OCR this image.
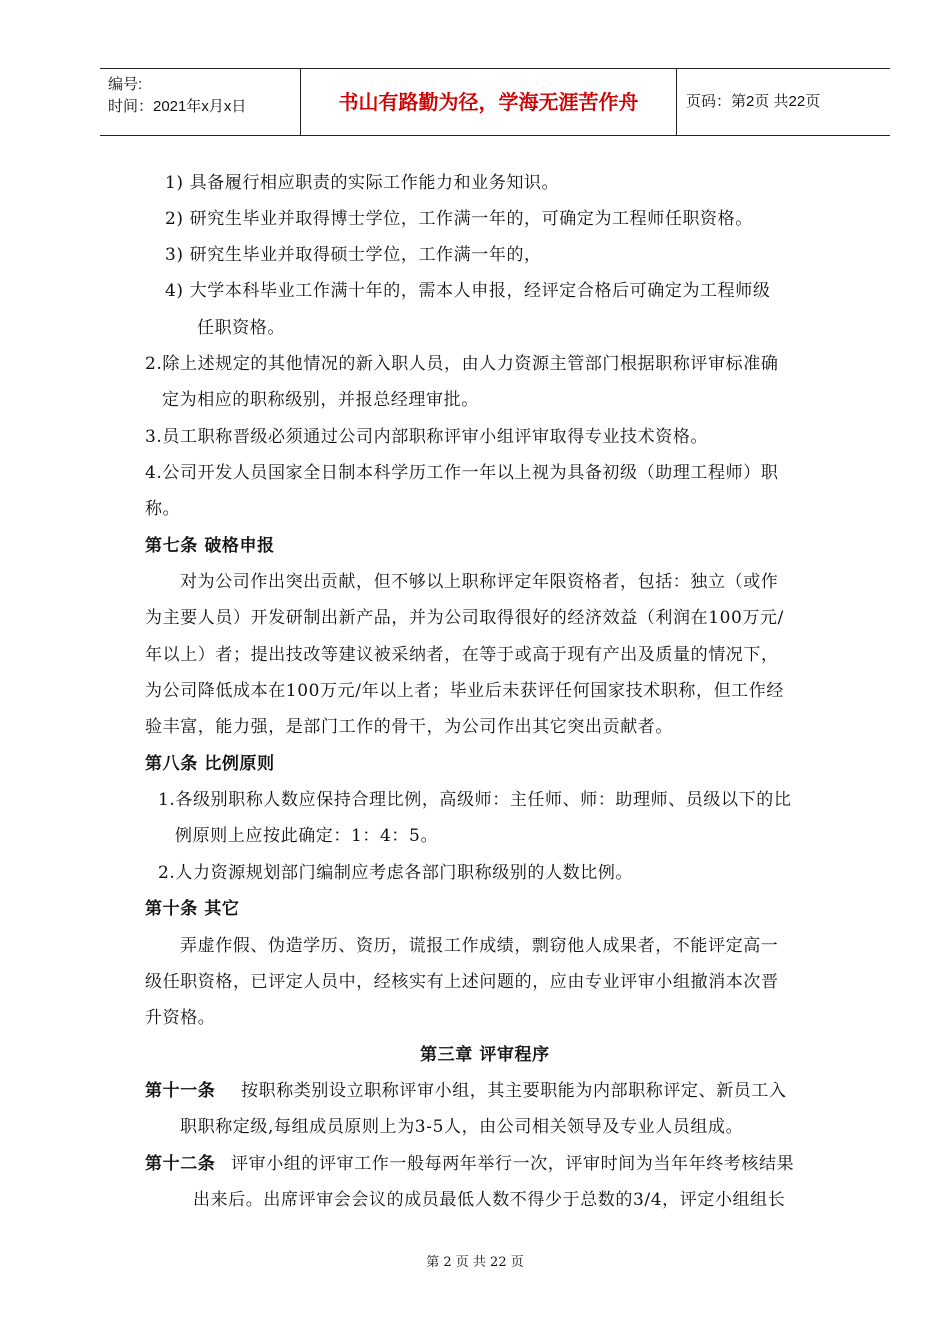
编号:
时间：2021年x月x日	书山有路勤为径，学海无涯苦作舟	页码：第2页 共22页
1) 具备履行相应职责的实际工作能力和业务知识。
2) 研究生毕业并取得博士学位，工作满一年的，可确定为工程师任职资格。
3) 研究生毕业并取得硕士学位，工作满一年的，
4) 大学本科毕业工作满十年的，需本人申报，经评定合格后可确定为工程师级
任职资格。
2.除上述规定的其他情况的新入职人员，由人力资源主管部门根据职称评审标准确
定为相应的职称级别，并报总经理审批。
3.员工职称晋级必须通过公司内部职称评审小组评审取得专业技术资格。
4.公司开发人员国家全日制本科学历工作一年以上视为具备初级（助理工程师）职
称。
第七条 破格申报
对为公司作出突出贡献，但不够以上职称评定年限资格者，包括：独立（或作
为主要人员）开发研制出新产品，并为公司取得很好的经济效益（利润在100万元/
年以上）者；提出技改等建议被采纳者，在等于或高于现有产出及质量的情况下，
为公司降低成本在100万元/年以上者；毕业后未获评任何国家技术职称，但工作经
验丰富，能力强，是部门工作的骨干，为公司作出其它突出贡献者。
第八条 比例原则
1.各级别职称人数应保持合理比例，高级师：主任师、师：助理师、员级以下的比
例原则上应按此确定：1：4：5。
2.人力资源规划部门编制应考虑各部门职称级别的人数比例。
第十条 其它
弄虚作假、伪造学历、资历，谎报工作成绩，剽窃他人成果者，不能评定高一
级任职资格，已评定人员中，经核实有上述问题的，应由专业评审小组撤消本次晋
升资格。
第三章 评审程序
第十一条 按职称类别设立职称评审小组，其主要职能为内部职称评定、新员工入
职职称定级,每组成员原则上为3-5人，由公司相关领导及专业人员组成。
第十二条 评审小组的评审工作一般每两年举行一次，评审时间为当年年终考核结果
出来后。出席评审会会议的成员最低人数不得少于总数的3/4，评定小组组长
第 2 页 共 22 页
